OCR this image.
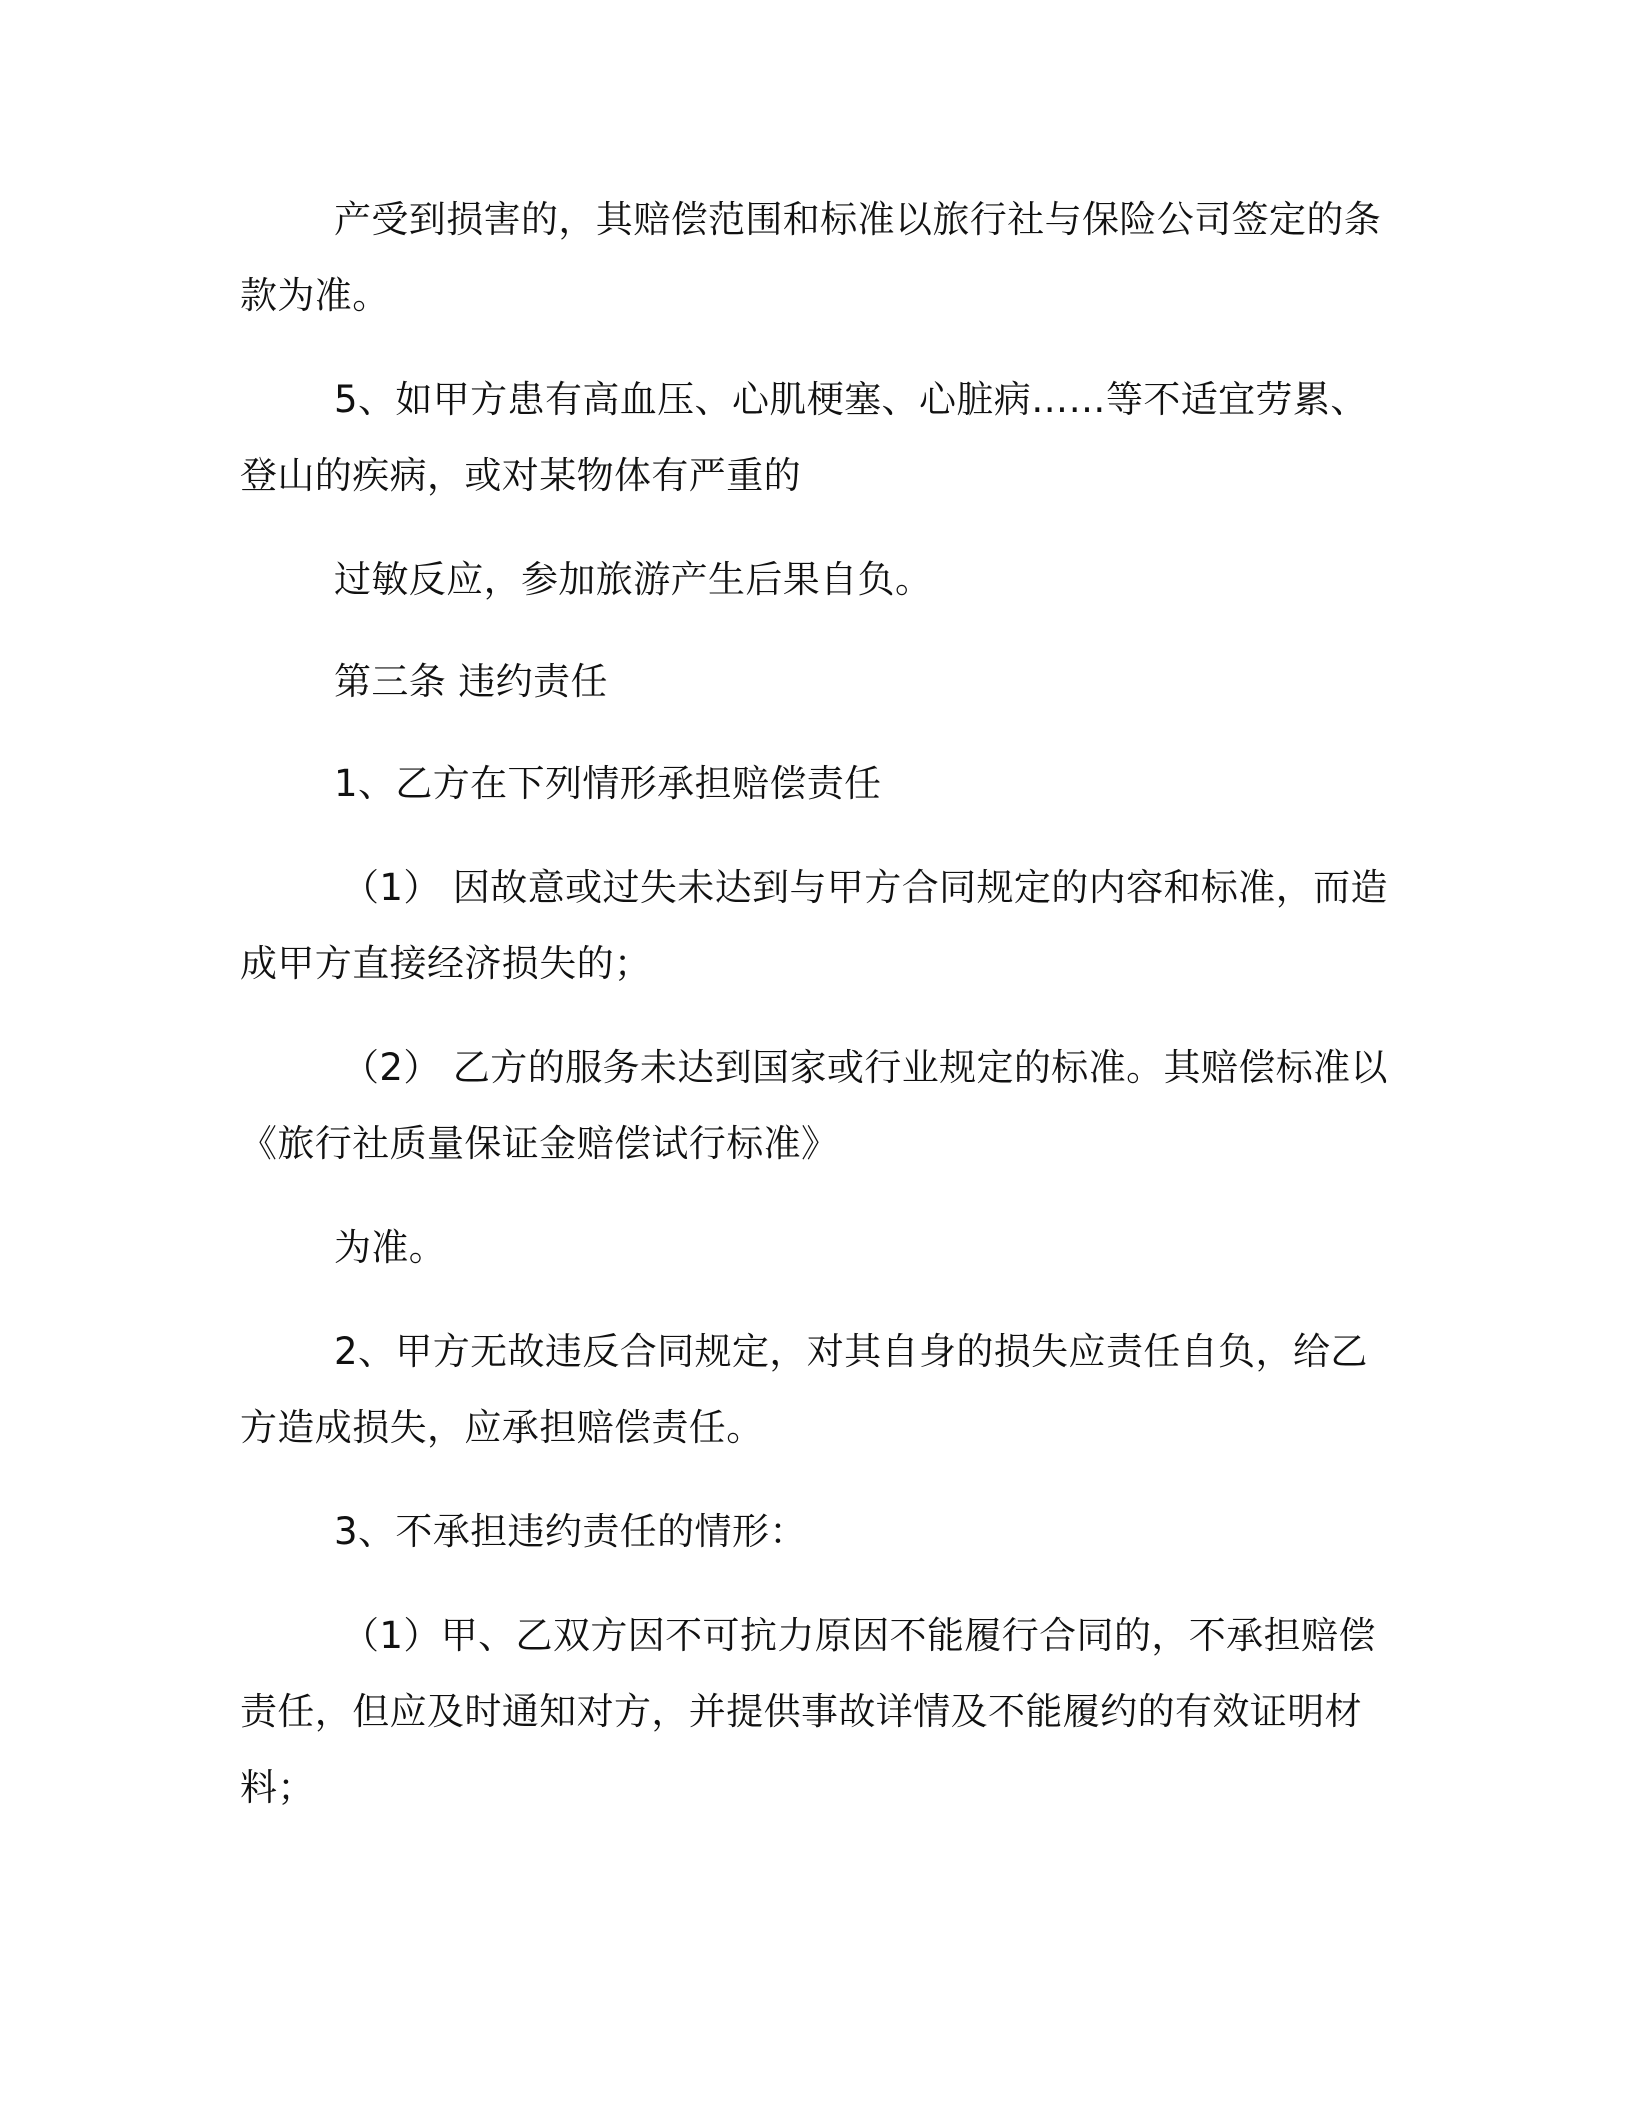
产受到损害的，其赔偿范围和标准以旅行社与保险公司签定的条
款为准。
5、如甲方患有高血压、心肌梗塞、心脏病……等不适宜劳累、
登山的疾病，或对某物体有严重的
过敏反应，参加旅游产生后果自负。
第三条 违约责任
1、乙方在下列情形承担赔偿责任
（1） 因故意或过失未达到与甲方合同规定的内容和标准，而造
成甲方直接经济损失的；
（2） 乙方的服务未达到国家或行业规定的标准。其赔偿标准以
《旅行社质量保证金赔偿试行标准》
为准。
2、甲方无故违反合同规定，对其自身的损失应责任自负，给乙
方造成损失，应承担赔偿责任。
3、不承担违约责任的情形：
（1）甲、乙双方因不可抗力原因不能履行合同的，不承担赔偿
责任，但应及时通知对方，并提供事故详情及不能履约的有效证明材
料；
